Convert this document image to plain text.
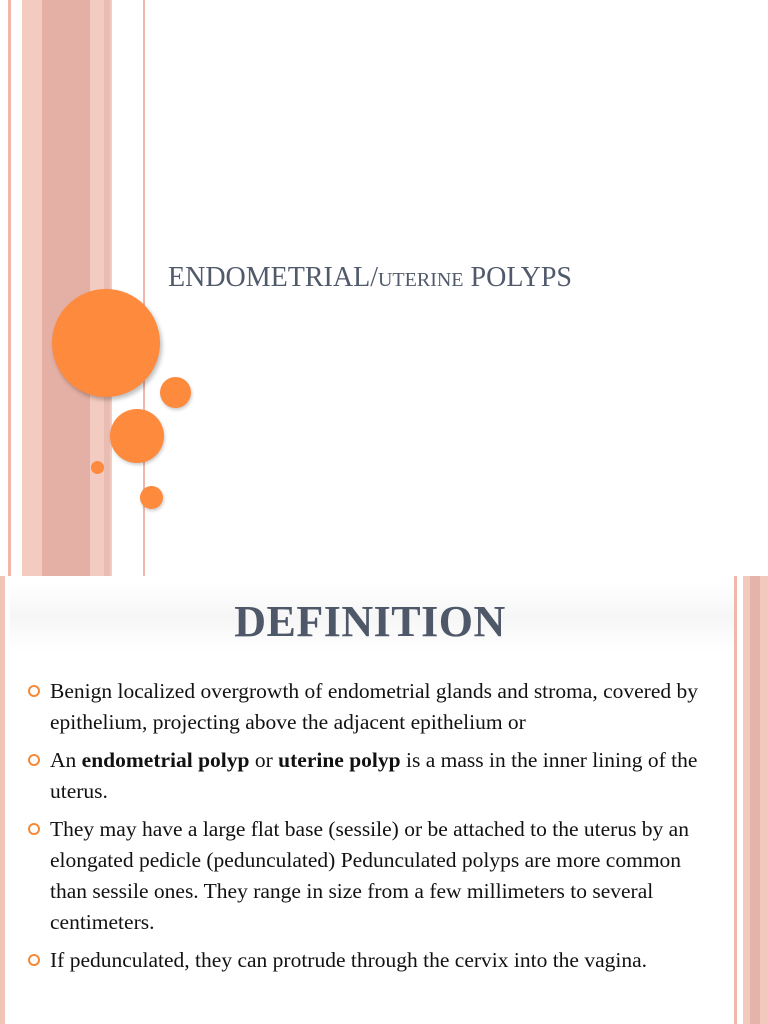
ENDOMETRIAL/uterine POLYPS
DEFINITION
Benign localized overgrowth of endometrial glands and stroma, covered by epithelium, projecting above the adjacent epithelium or
An endometrial polyp or uterine polyp is a mass in the inner lining of the uterus.
They may have a large flat base (sessile) or be attached to the uterus by an elongated pedicle (pedunculated) Pedunculated polyps are more common than sessile ones. They range in size from a few millimeters to several centimeters.
If pedunculated, they can protrude through the cervix into the vagina.
